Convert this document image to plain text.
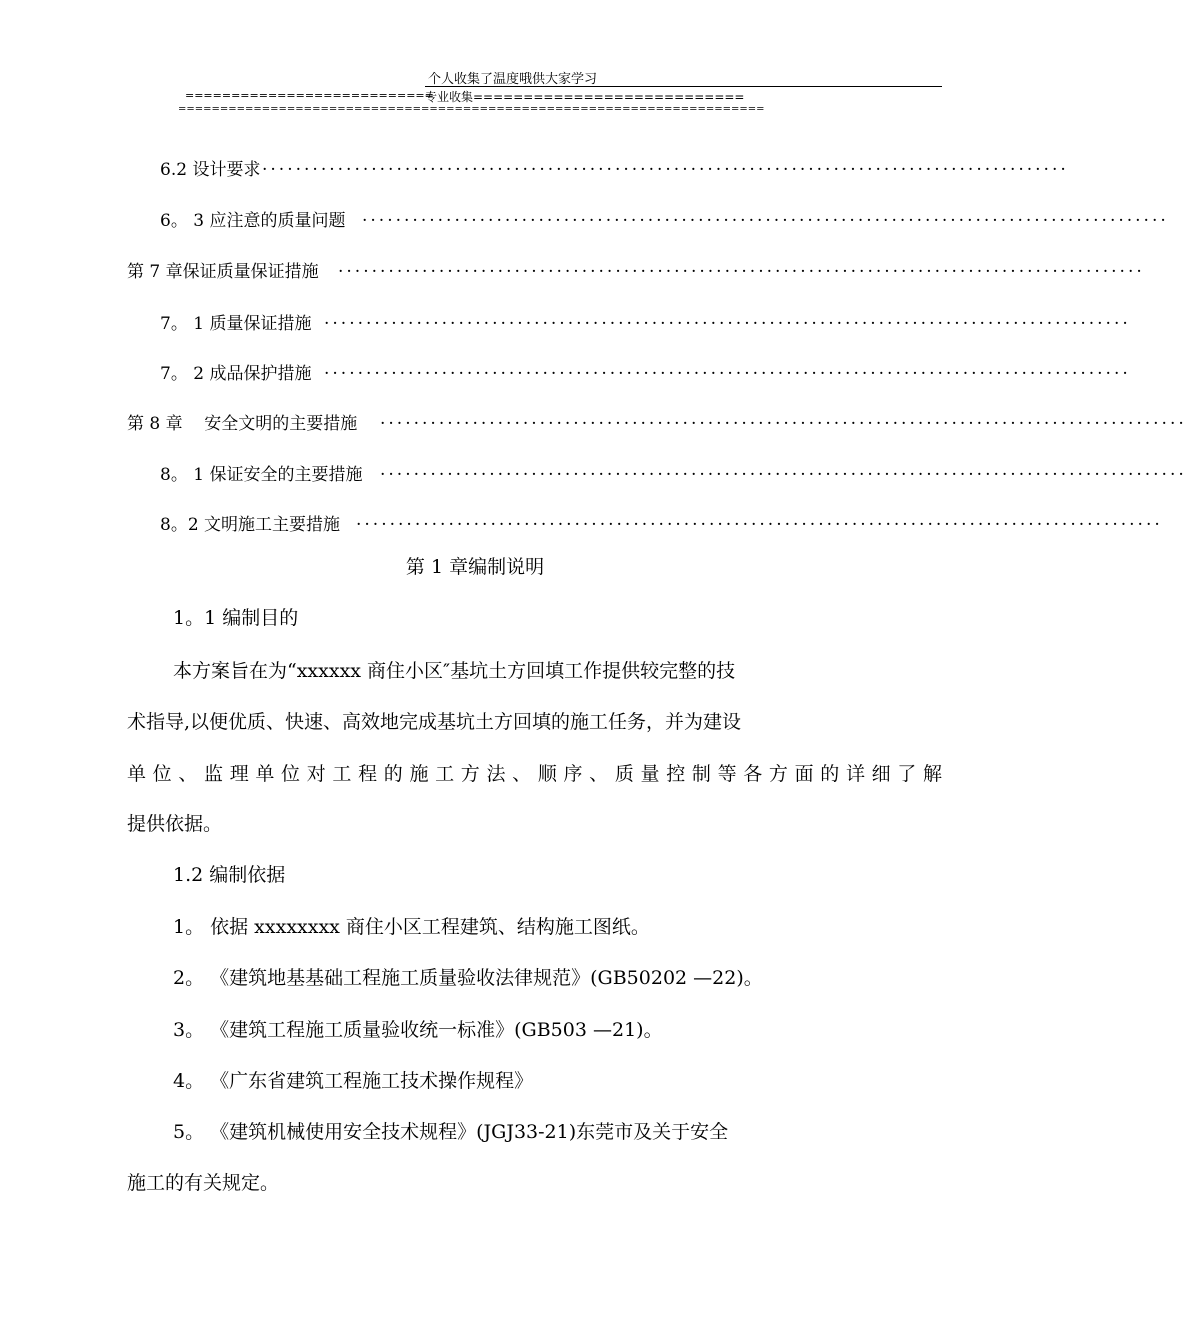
个人收集了温度哦供大家学习
===========================
专业收集===========================
======================================================================
................................................................................................
6.2 设计要求
................................................................................................
6。 3 应注意的质量问题
................................................................................................
第 7 章保证质量保证措施
................................................................................................
7。 1 质量保证措施
................................................................................................
7。 2 成品保护措施
................................................................................................
第 8 章    安全文明的主要措施
................................................................................................
8。 1 保证安全的主要措施
................................................................................................
8。2 文明施工主要措施
第 1 章编制说明
1。1 编制目的
本方案旨在为“xxxxxx 商住小区″基坑土方回填工作提供较完整的技
术指导,以便优质、快速、高效地完成基坑土方回填的施工任务，并为建设
单位、监理单位对工程的施工方法、顺序、质量控制等各方面的详细了解
提供依据。
1.2 编制依据
1。 依据 xxxxxxxx 商住小区工程建筑、结构施工图纸。
2。 《建筑地基基础工程施工质量验收法律规范》(GB50202 —22)。
3。 《建筑工程施工质量验收统一标准》(GB503 —21)。
4。 《广东省建筑工程施工技术操作规程》
5。 《建筑机械使用安全技术规程》(JGJ33-21)东莞市及关于安全
施工的有关规定。
